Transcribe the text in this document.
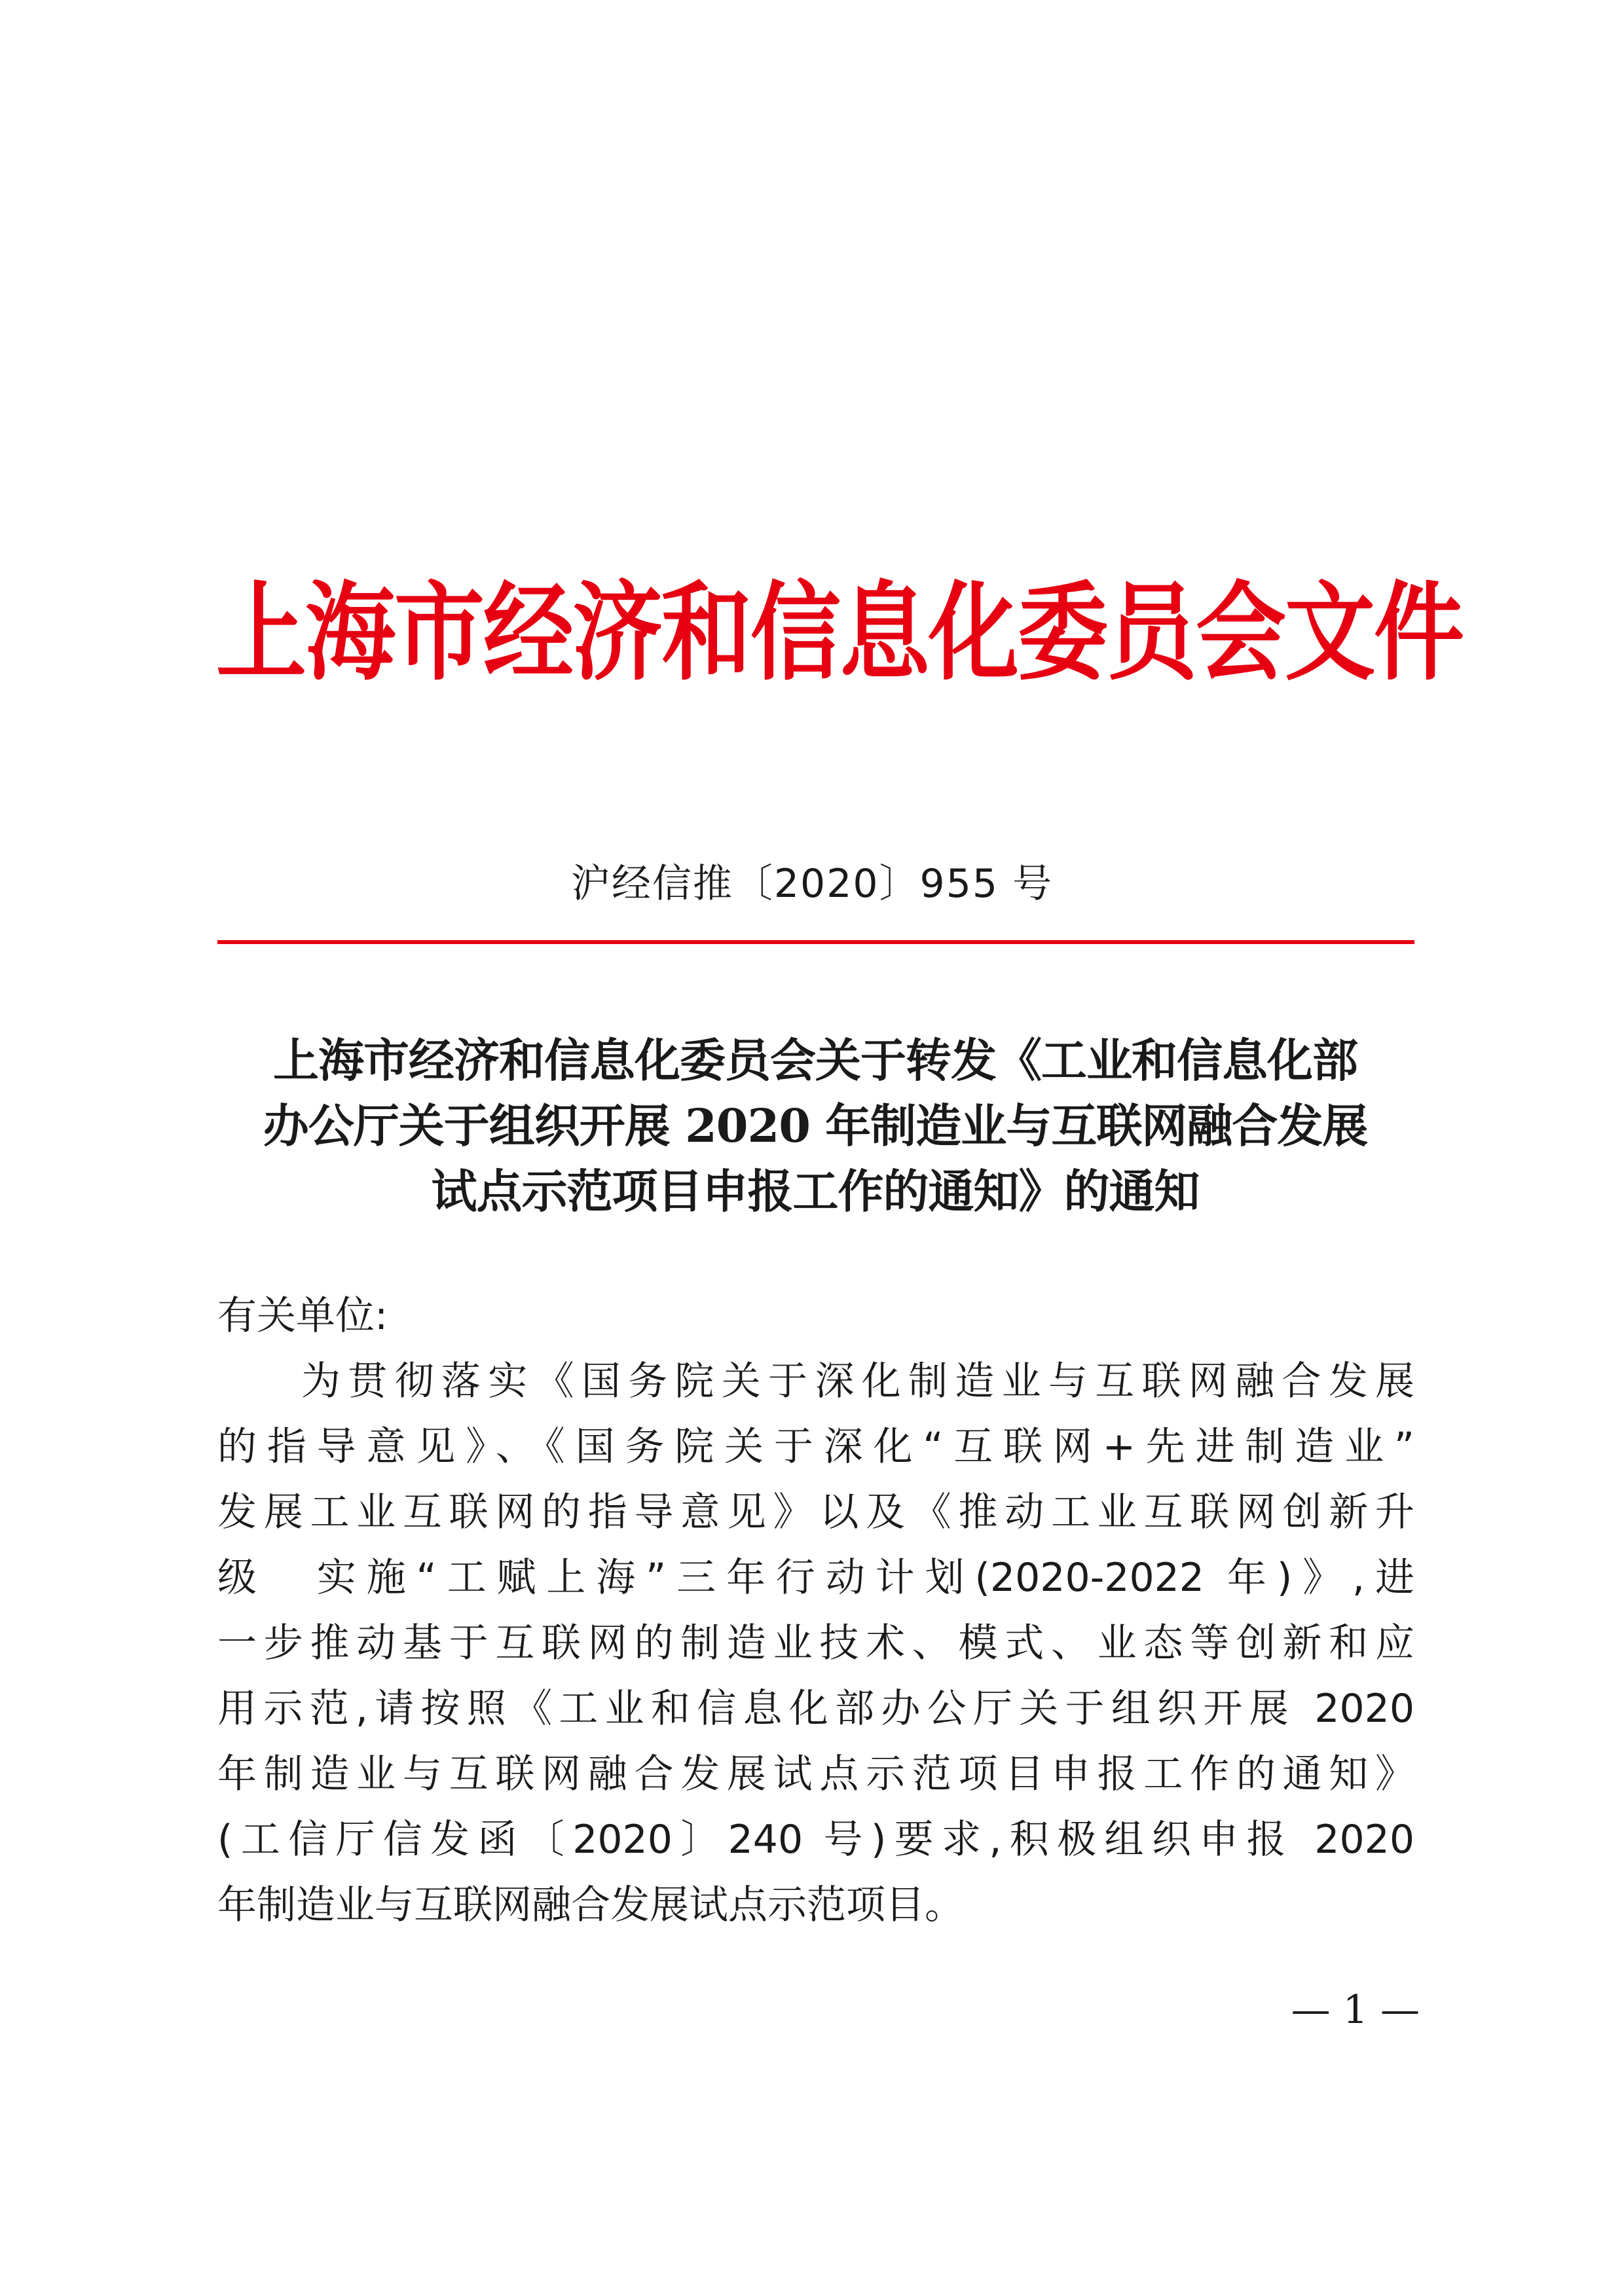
上海市经济和信息化委员会文件
沪经信推〔2020〕955 号
上海市经济和信息化委员会关于转发《工业和信息化部
办公厅关于组织开展 2020 年制造业与互联网融合发展
试点示范项目申报工作的通知》的通知
有关单位:
为贯彻落实《国务院关于深化制造业与互联网融合发展
的指导意见》、《国务院关于深化“互联网+先进制造业”
发展工业互联网的指导意见》以及《推动工业互联网创新升
级　实施“工赋上海”三年行动计划(2020-2022 年)》,进
一步推动基于互联网的制造业技术、模式、业态等创新和应
用示范,请按照《工业和信息化部办公厅关于组织开展 2020
年制造业与互联网融合发展试点示范项目申报工作的通知》
(工信厅信发函〔2020〕240 号)要求,积极组织申报 2020
年制造业与互联网融合发展试点示范项目。
— 1 —
